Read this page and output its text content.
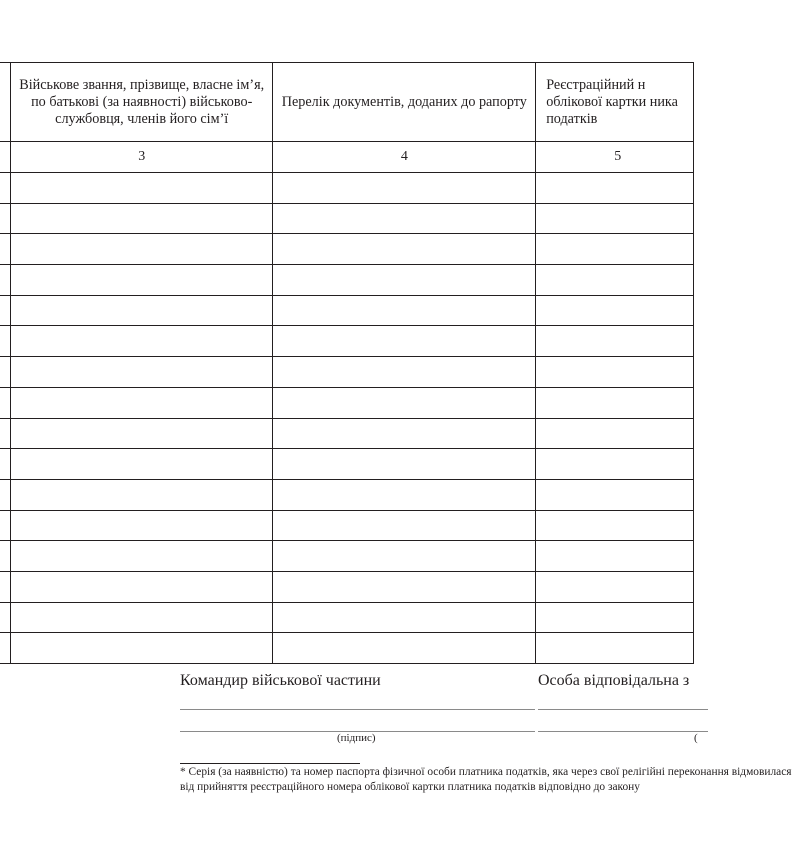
	Військове звання, прізвище, власне ім’я, по батькові (за наявності) військово-службовця, членів його сім’ї	Перелік документів, доданих до рапорту	Реєстраційний н облікової картки ника податків

	3	4	5

Командир військової частини
(підпис)
Особа відповідальна з
(
* Серія (за наявністю) та номер паспорта фізичної особи платника податків, яка через свої релігійні переконання відмовилася
від прийняття реєстраційного номера облікової картки платника податків відповідно до закону
